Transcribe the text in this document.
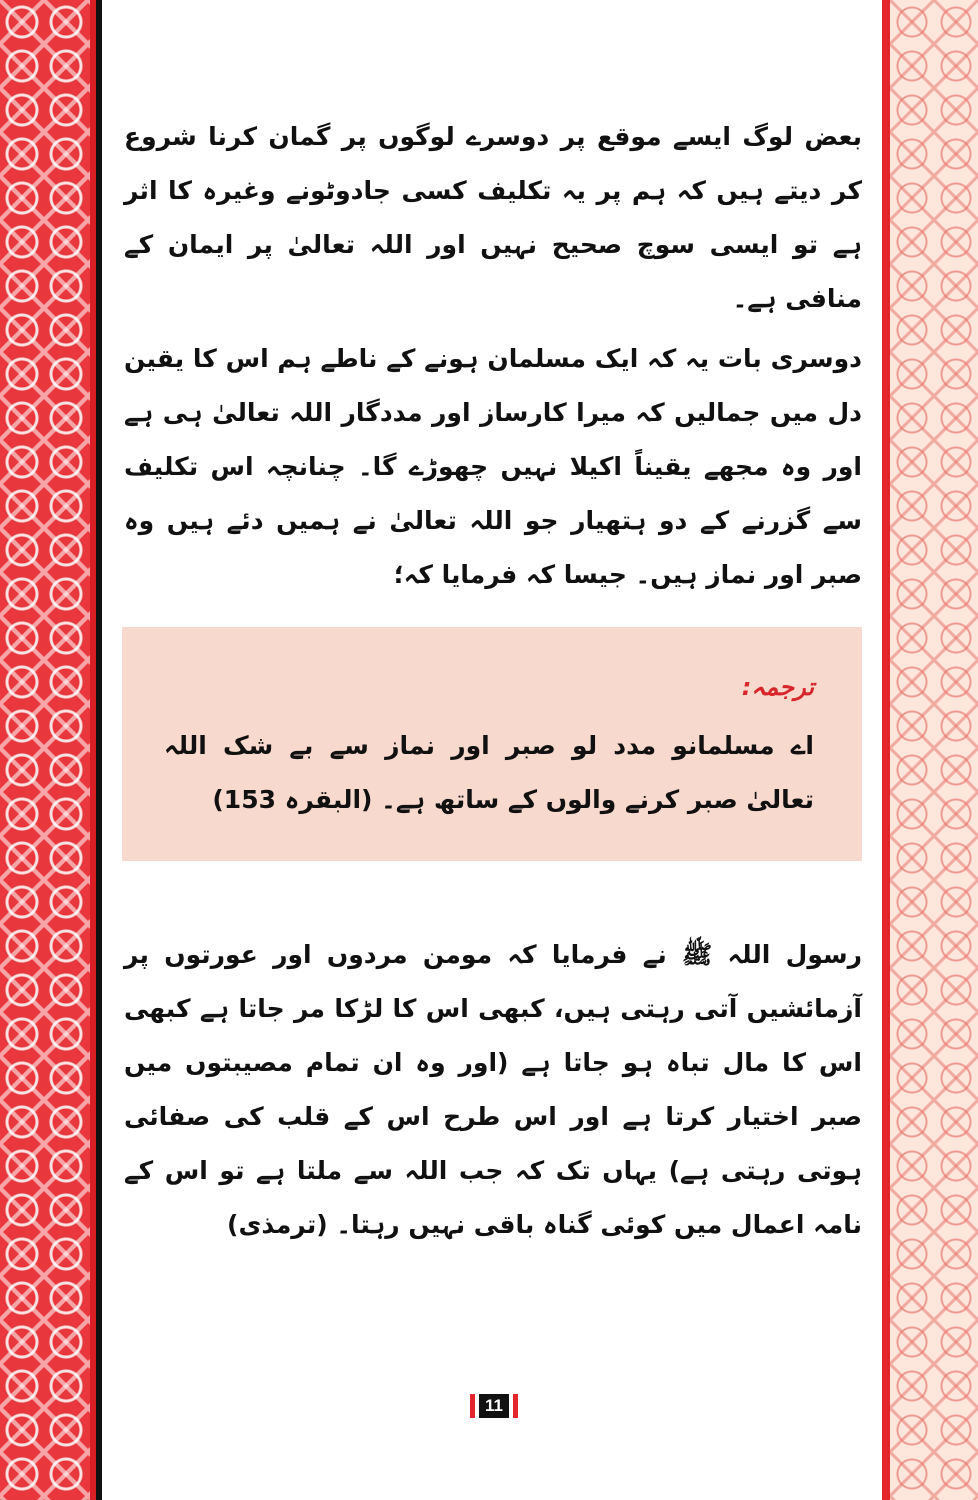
بعض لوگ ایسے موقع پر دوسرے لوگوں پر گمان کرنا شروع کر دیتے ہیں کہ ہم پر یہ تکلیف کسی جادوٹونے وغیرہ کا اثر ہے تو ایسی سوچ صحیح نہیں اور اللہ تعالیٰ پر ایمان کے منافی ہے۔

دوسری بات یہ کہ ایک مسلمان ہونے کے ناطے ہم اس کا یقین دل میں جمالیں کہ میرا کارساز اور مددگار اللہ تعالیٰ ہی ہے اور وہ مجھے یقیناً اکیلا نہیں چھوڑے گا۔ چنانچہ اس تکلیف سے گزرنے کے دو ہتھیار جو اللہ تعالیٰ نے ہمیں دئے ہیں وہ صبر اور نماز ہیں۔ جیسا کہ فرمایا کہ؛

رسول اللہ ﷺ نے فرمایا کہ مومن مردوں اور عورتوں پر آزمائشیں آتی رہتی ہیں، کبھی اس کا لڑکا مر جاتا ہے کبھی اس کا مال تباہ ہو جاتا ہے (اور وہ ان تمام مصیبتوں میں صبر اختیار کرتا ہے اور اس طرح اس کے قلب کی صفائی ہوتی رہتی ہے) یہاں تک کہ جب اللہ سے ملتا ہے تو اس کے نامہ اعمال میں کوئی گناہ باقی نہیں رہتا۔ (ترمذی)

ترجمہ:
اے مسلمانو مدد لو صبر اور نماز سے بے شک اللہ تعالیٰ صبر کرنے والوں کے ساتھ ہے۔ (البقرہ 153)
11
